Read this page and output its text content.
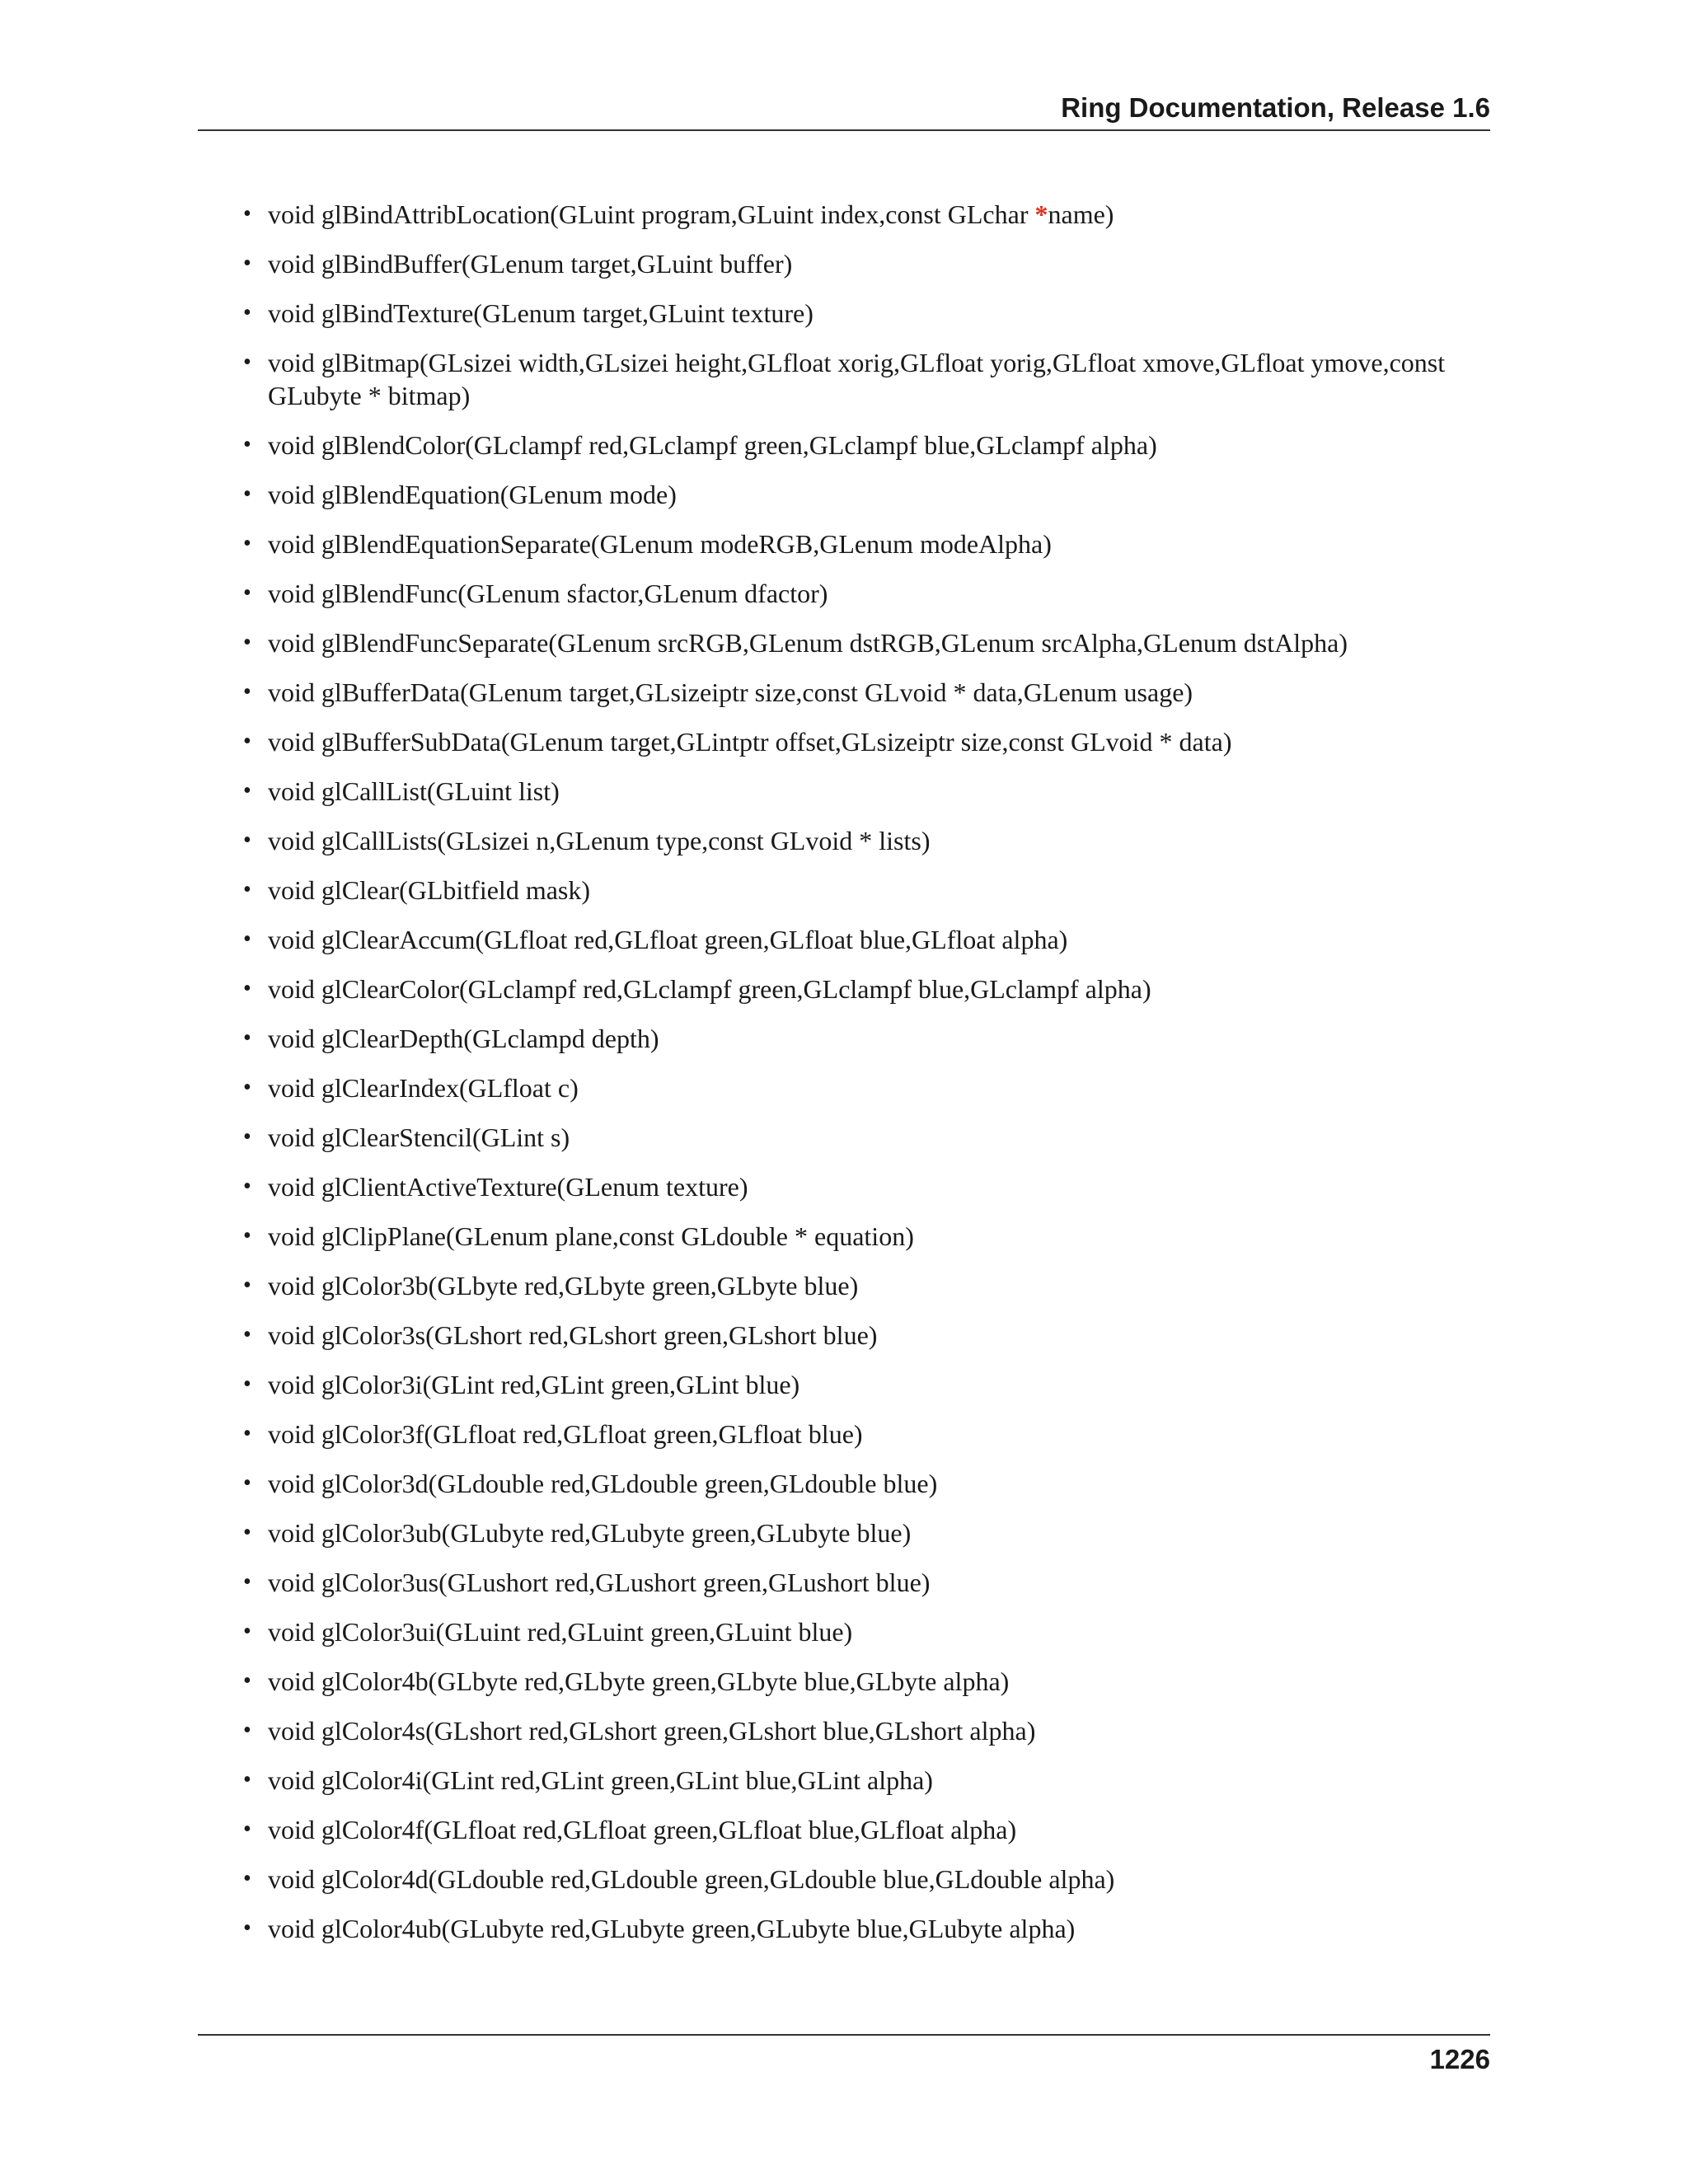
Ring Documentation, Release 1.6
• void glBindAttribLocation(GLuint program,GLuint index,const GLchar *name)
• void glBindBuffer(GLenum target,GLuint buffer)
• void glBindTexture(GLenum target,GLuint texture)
• void glBitmap(GLsizei width,GLsizei height,GLfloat xorig,GLfloat yorig,GLfloat xmove,GLfloat ymove,const GLubyte * bitmap)
• void glBlendColor(GLclampf red,GLclampf green,GLclampf blue,GLclampf alpha)
• void glBlendEquation(GLenum mode)
• void glBlendEquationSeparate(GLenum modeRGB,GLenum modeAlpha)
• void glBlendFunc(GLenum sfactor,GLenum dfactor)
• void glBlendFuncSeparate(GLenum srcRGB,GLenum dstRGB,GLenum srcAlpha,GLenum dstAlpha)
• void glBufferData(GLenum target,GLsizeiptr size,const GLvoid * data,GLenum usage)
• void glBufferSubData(GLenum target,GLintptr offset,GLsizeiptr size,const GLvoid * data)
• void glCallList(GLuint list)
• void glCallLists(GLsizei n,GLenum type,const GLvoid * lists)
• void glClear(GLbitfield mask)
• void glClearAccum(GLfloat red,GLfloat green,GLfloat blue,GLfloat alpha)
• void glClearColor(GLclampf red,GLclampf green,GLclampf blue,GLclampf alpha)
• void glClearDepth(GLclampd depth)
• void glClearIndex(GLfloat c)
• void glClearStencil(GLint s)
• void glClientActiveTexture(GLenum texture)
• void glClipPlane(GLenum plane,const GLdouble * equation)
• void glColor3b(GLbyte red,GLbyte green,GLbyte blue)
• void glColor3s(GLshort red,GLshort green,GLshort blue)
• void glColor3i(GLint red,GLint green,GLint blue)
• void glColor3f(GLfloat red,GLfloat green,GLfloat blue)
• void glColor3d(GLdouble red,GLdouble green,GLdouble blue)
• void glColor3ub(GLubyte red,GLubyte green,GLubyte blue)
• void glColor3us(GLushort red,GLushort green,GLushort blue)
• void glColor3ui(GLuint red,GLuint green,GLuint blue)
• void glColor4b(GLbyte red,GLbyte green,GLbyte blue,GLbyte alpha)
• void glColor4s(GLshort red,GLshort green,GLshort blue,GLshort alpha)
• void glColor4i(GLint red,GLint green,GLint blue,GLint alpha)
• void glColor4f(GLfloat red,GLfloat green,GLfloat blue,GLfloat alpha)
• void glColor4d(GLdouble red,GLdouble green,GLdouble blue,GLdouble alpha)
• void glColor4ub(GLubyte red,GLubyte green,GLubyte blue,GLubyte alpha)
1226
